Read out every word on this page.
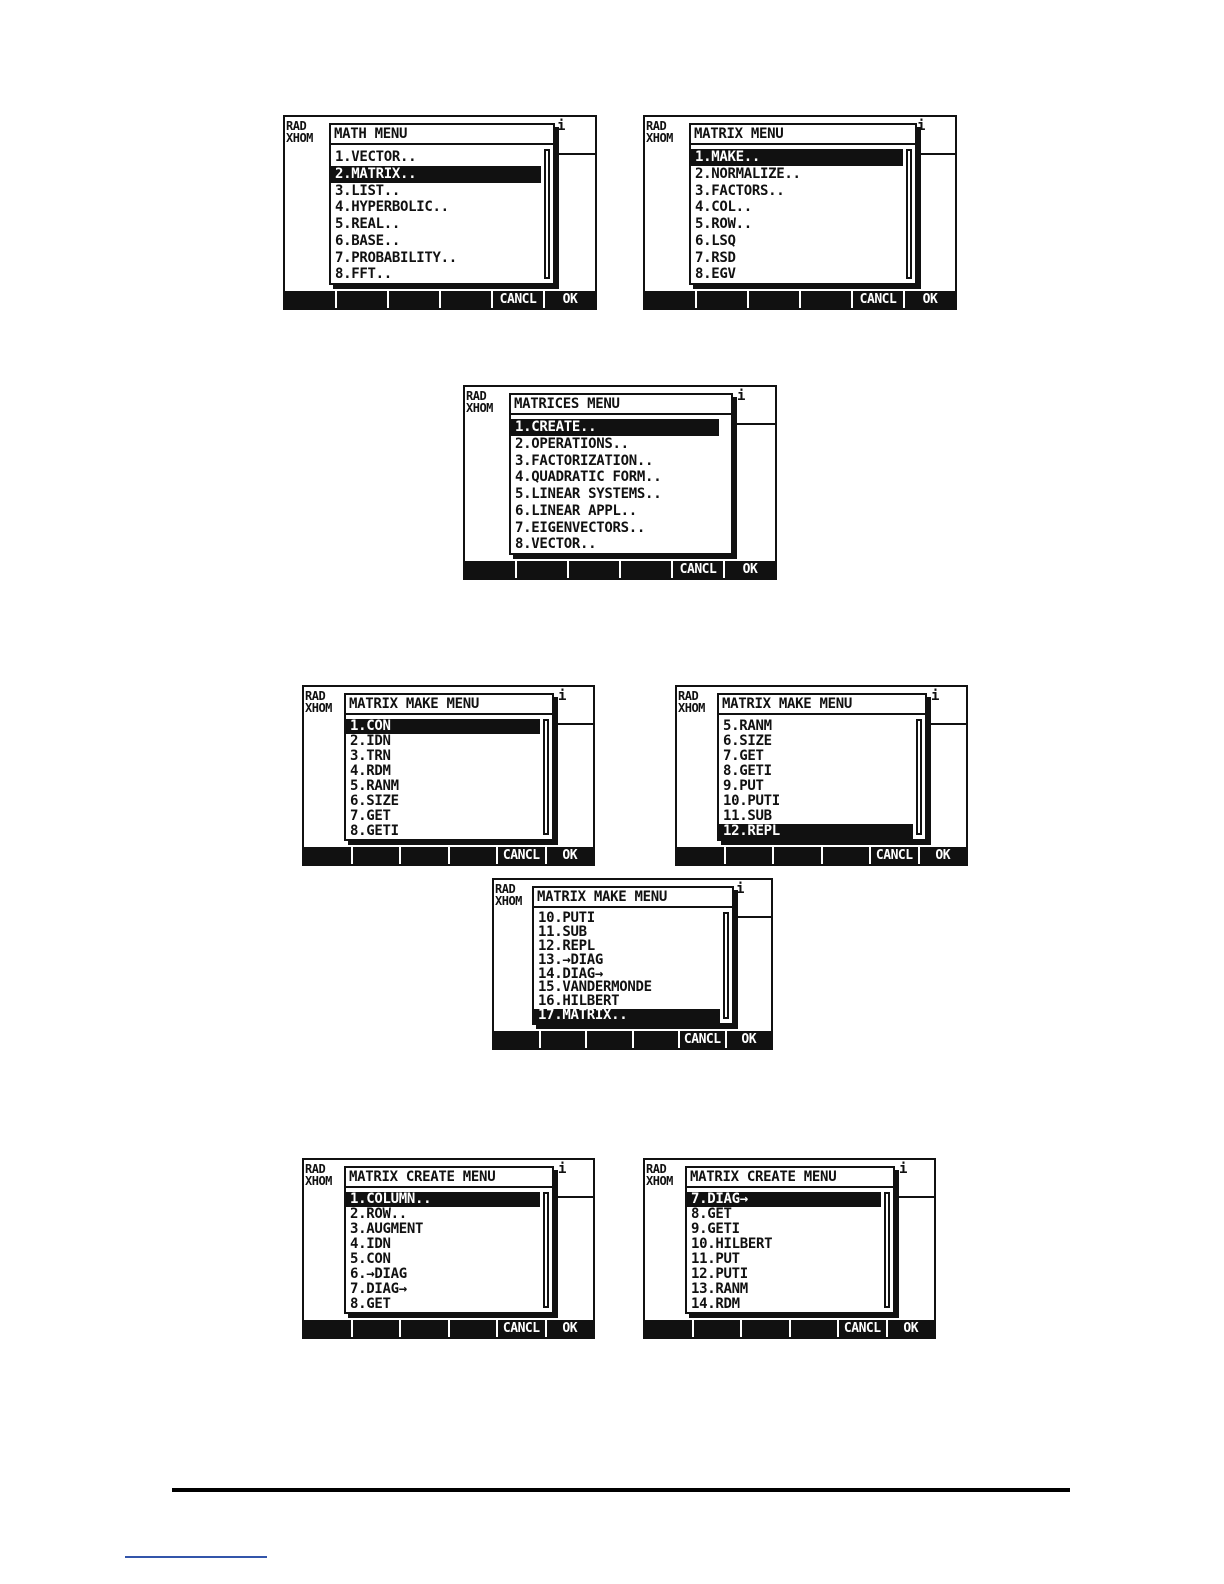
RAD
XHOM
i
MATH MENU
1.VECTOR..
2.MATRIX..
3.LIST..
4.HYPERBOLIC..
5.REAL..
6.BASE..
7.PROBABILITY..
8.FFT..
CANCL	OK
RAD
XHOM
i
MATRIX MENU
1.MAKE..
2.NORMALIZE..
3.FACTORS..
4.COL..
5.ROW..
6.LSQ
7.RSD
8.EGV
CANCL	OK
RAD
XHOM
i
MATRICES MENU
1.CREATE..
2.OPERATIONS..
3.FACTORIZATION..
4.QUADRATIC FORM..
5.LINEAR SYSTEMS..
6.LINEAR APPL..
7.EIGENVECTORS..
8.VECTOR..
CANCL	OK
RAD
XHOM
i
MATRIX MAKE MENU
1.CON
2.IDN
3.TRN
4.RDM
5.RANM
6.SIZE
7.GET
8.GETI
CANCL	OK
RAD
XHOM
i
MATRIX MAKE MENU
5.RANM
6.SIZE
7.GET
8.GETI
9.PUT
10.PUTI
11.SUB
12.REPL
CANCL	OK
RAD
XHOM
i
MATRIX MAKE MENU
10.PUTI
11.SUB
12.REPL
13.→DIAG
14.DIAG→
15.VANDERMONDE
16.HILBERT
17.MATRIX..
CANCL	OK
RAD
XHOM
i
MATRIX CREATE MENU
1.COLUMN..
2.ROW..
3.AUGMENT
4.IDN
5.CON
6.→DIAG
7.DIAG→
8.GET
CANCL	OK
RAD
XHOM
i
MATRIX CREATE MENU
7.DIAG→
8.GET
9.GETI
10.HILBERT
11.PUT
12.PUTI
13.RANM
14.RDM
CANCL	OK
